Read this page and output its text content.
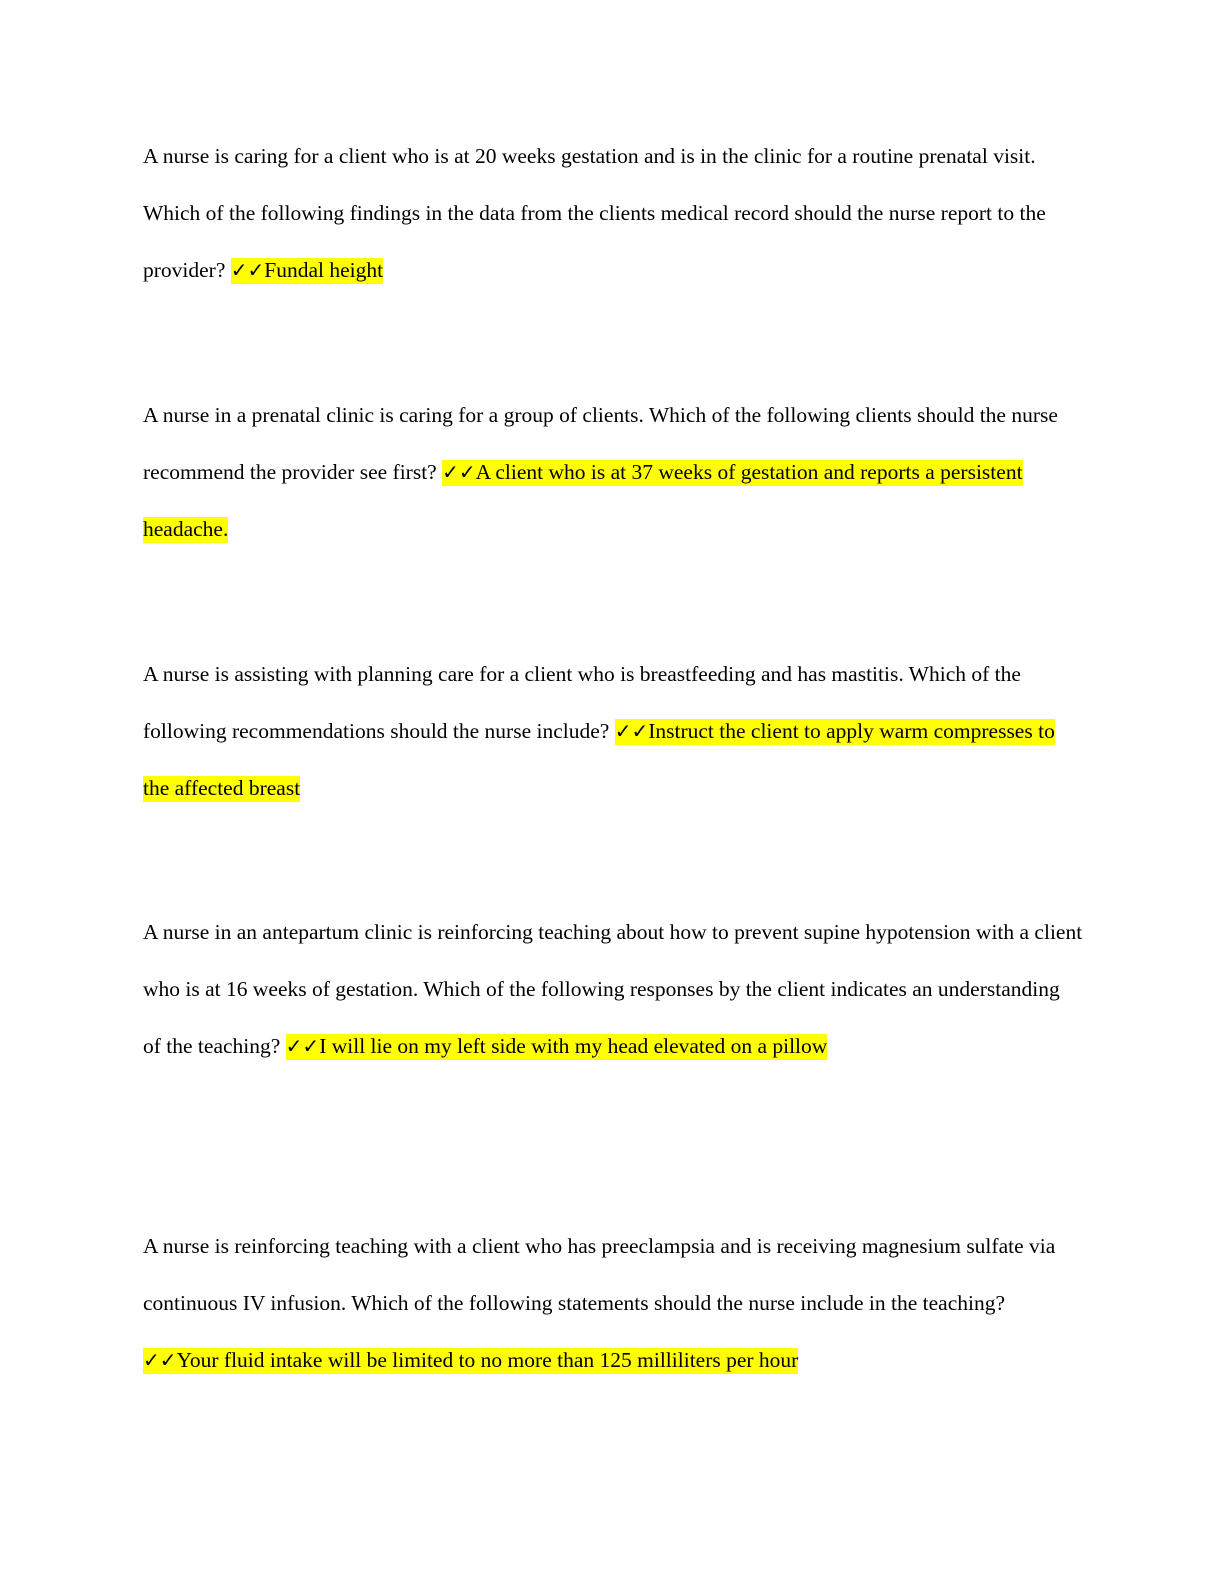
A nurse is caring for a client who is at 20 weeks gestation and is in the clinic for a routine prenatal visit. Which of the following findings in the data from the clients medical record should the nurse report to the provider? ✓✓Fundal height

A nurse in a prenatal clinic is caring for a group of clients. Which of the following clients should the nurse recommend the provider see first? ✓✓A client who is at 37 weeks of gestation and reports a persistent headache.

A nurse is assisting with planning care for a client who is breastfeeding and has mastitis. Which of the following recommendations should the nurse include? ✓✓Instruct the client to apply warm compresses to the affected breast

A nurse in an antepartum clinic is reinforcing teaching about how to prevent supine hypotension with a client who is at 16 weeks of gestation. Which of the following responses by the client indicates an understanding of the teaching? ✓✓I will lie on my left side with my head elevated on a pillow

A nurse is reinforcing teaching with a client who has preeclampsia and is receiving magnesium sulfate via continuous IV infusion. Which of the following statements should the nurse include in the teaching? ✓✓Your fluid intake will be limited to no more than 125 milliliters per hour
